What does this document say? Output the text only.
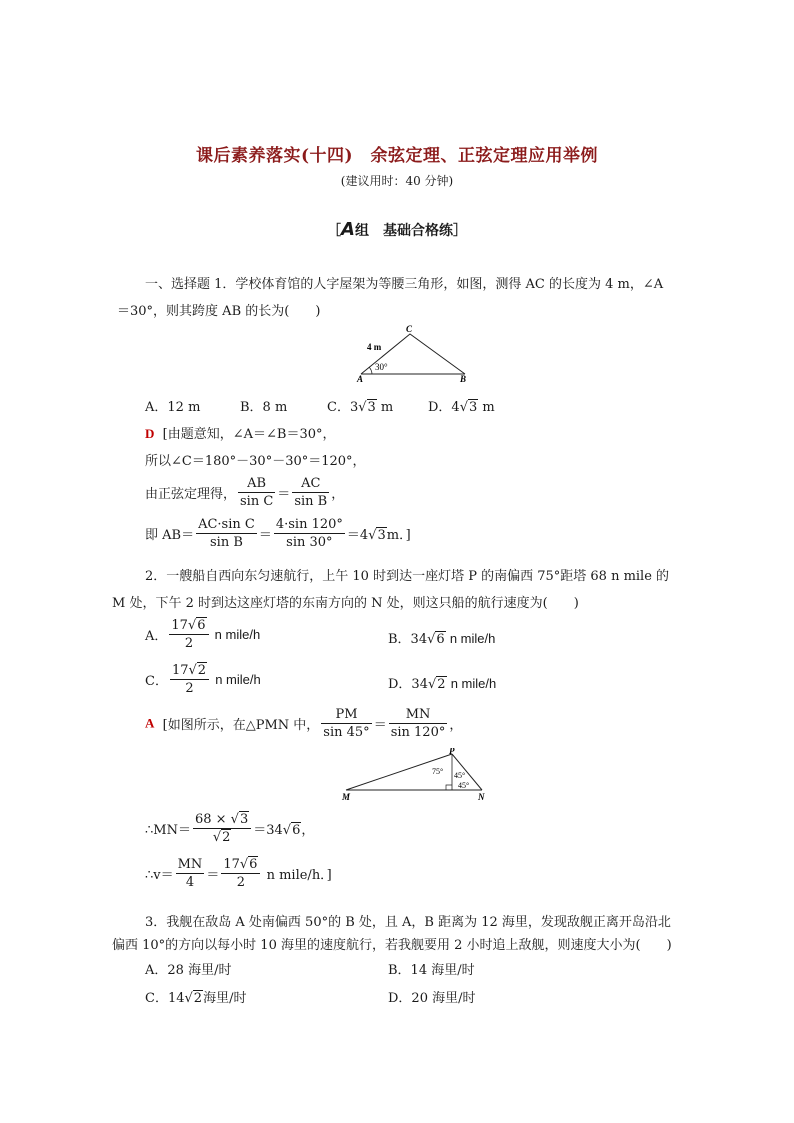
课后素养落实(十四)　余弦定理、正弦定理应用举例
(建议用时：40 分钟)
［A组　基础合格练］
一、选择题 1．学校体育馆的人字屋架为等腰三角形，如图，测得 AC 的长度为 4 m，∠A
＝30°，则其跨度 AB 的长为(　　)
4 m
30°
A	B
C
A．12 m	B．8 m	C．3√3 m	D．4√3 m
D [由题意知，∠A＝∠B＝30°，
所以∠C＝180°－30°－30°＝120°，
由正弦定理得， $\frac{AB}{\text{sin C}} = \frac{AC}{\text{sin B}}$ ，
即 $AB= \frac{\text{AC·sin C}}{\text{sin B}} = \frac{4\cdot\sin 120^\circ}{\sin 30^\circ} =4√3m$．]
2．一艘船自西向东匀速航行，上午 10 时到达一座灯塔 P 的南偏西 75°距塔 68 n mile 的
M 处，下午 2 时到达这座灯塔的东南方向的 N 处，则这只船的航行速度为(　　)
A． $\frac{17√6}{2}$ n mile/h	B．34√6 n mile/h
C． $\frac{17√2}{2}$ n mile/h	D．34√2 n mile/h
A [如图所示，在△PMN 中， $\frac{PM}{\sin 45^\circ} = \frac{MN}{\sin 120^\circ}$ ，
P
M	N
75° 45°
45°
∴MN＝ $\frac{68 \times √3}{√2} =34√6$，
∴v＝ $\frac{MN}{4} = \frac{17√6}{2}$ n mile/h．]
3．我舰在敌岛 A 处南偏西 50°的 B 处，且 A，B 距离为 12 海里，发现敌舰正离开岛沿北
偏西 10°的方向以每小时 10 海里的速度航行，若我舰要用 2 小时追上敌舰，则速度大小为(　　)
A．28 海里/时	B．14 海里/时
C．14√2海里/时	D．20 海里/时
